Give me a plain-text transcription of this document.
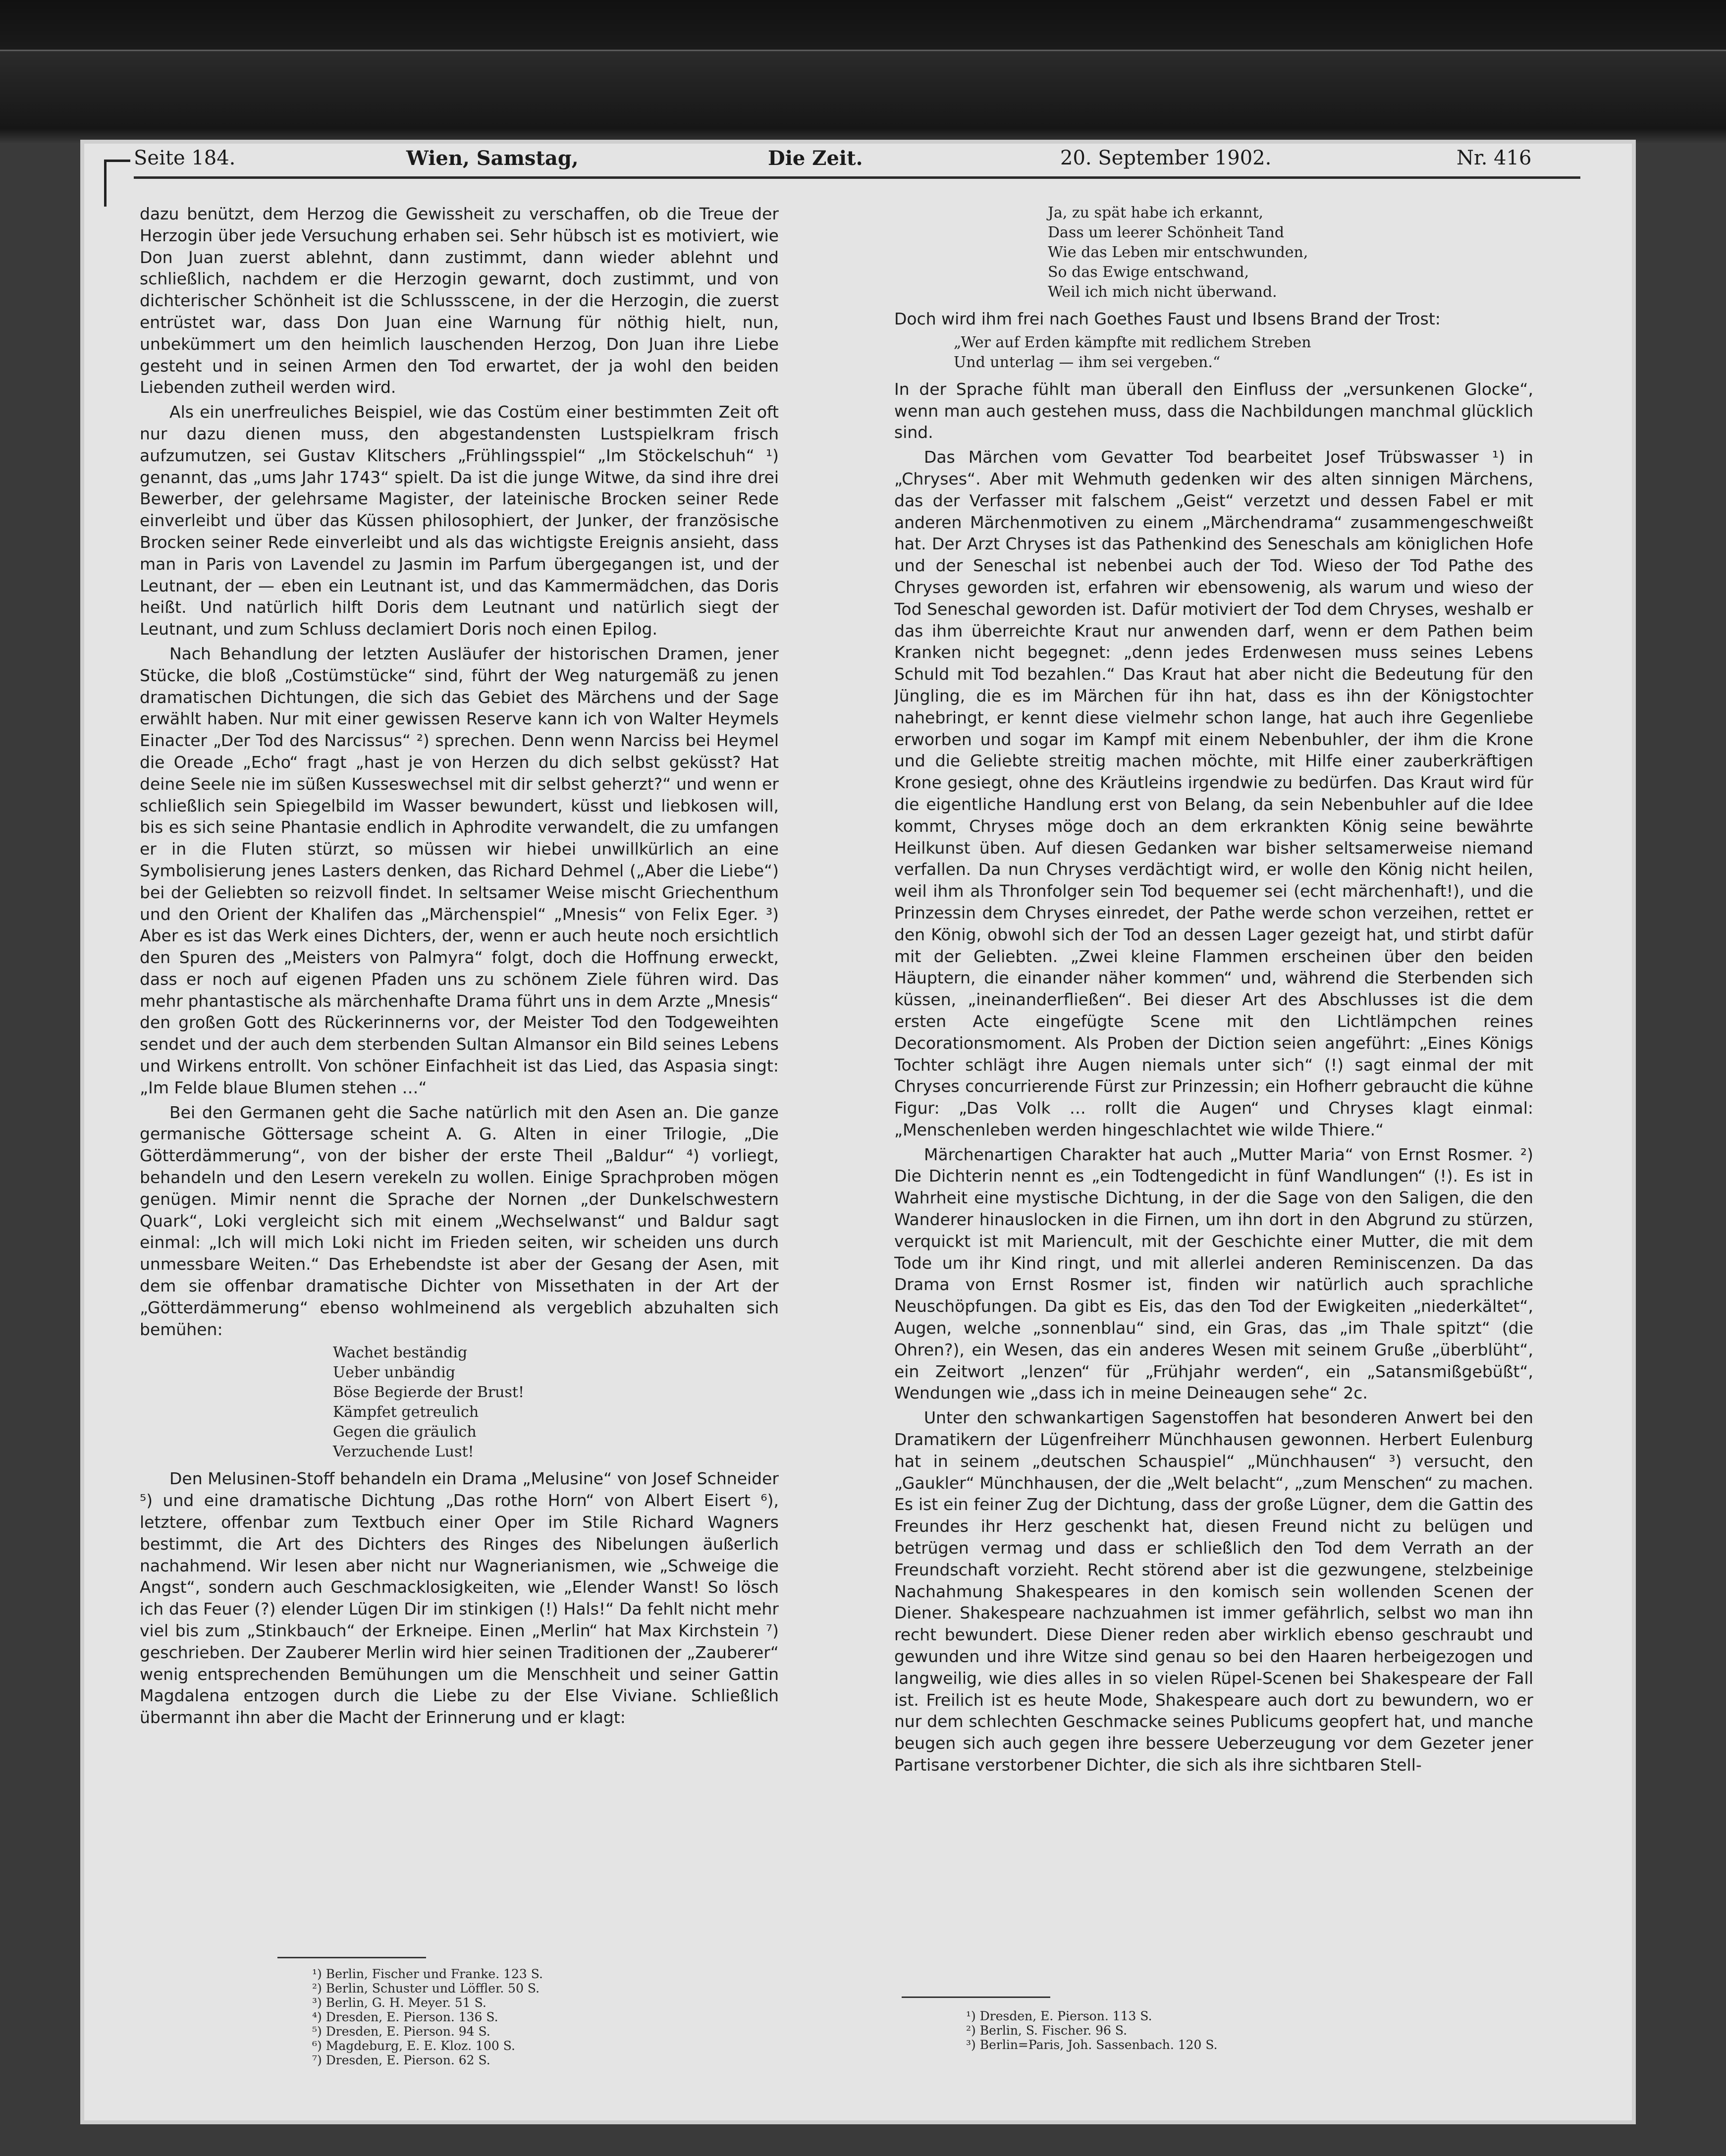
Seite 184.	Wien, Samstag,	Die Zeit.	20. September 1902.	Nr. 416

dazu benützt, dem Herzog die Gewissheit zu verschaffen, ob die Treue der Herzogin über jede Versuchung erhaben sei. Sehr hübsch ist es motiviert, wie Don Juan zuerst ablehnt, dann zustimmt, dann wieder ablehnt und schließlich, nachdem er die Herzogin gewarnt, doch zustimmt, und von dichterischer Schönheit ist die Schlussscene, in der die Herzogin, die zuerst entrüstet war, dass Don Juan eine Warnung für nöthig hielt, nun, unbekümmert um den heimlich lauschenden Herzog, Don Juan ihre Liebe gesteht und in seinen Armen den Tod erwartet, der ja wohl den beiden Liebenden zutheil werden wird.

Als ein unerfreuliches Beispiel, wie das Costüm einer bestimmten Zeit oft nur dazu dienen muss, den abgestandensten Lustspielkram frisch aufzumutzen, sei Gustav Klitschers „Frühlingsspiel“ „Im Stöckelschuh“ ¹) genannt, das „ums Jahr 1743“ spielt. Da ist die junge Witwe, da sind ihre drei Bewerber, der gelehrsame Magister, der lateinische Brocken seiner Rede einverleibt und über das Küssen philosophiert, der Junker, der französische Brocken seiner Rede einverleibt und als das wichtigste Ereignis ansieht, dass man in Paris von Lavendel zu Jasmin im Parfum übergegangen ist, und der Leutnant, der — eben ein Leutnant ist, und das Kammermädchen, das Doris heißt. Und natürlich hilft Doris dem Leutnant und natürlich siegt der Leutnant, und zum Schluss declamiert Doris noch einen Epilog.

Nach Behandlung der letzten Ausläufer der historischen Dramen, jener Stücke, die bloß „Costümstücke“ sind, führt der Weg naturgemäß zu jenen dramatischen Dichtungen, die sich das Gebiet des Märchens und der Sage erwählt haben. Nur mit einer gewissen Reserve kann ich von Walter Heymels Einacter „Der Tod des Narcissus“ ²) sprechen. Denn wenn Narciss bei Heymel die Oreade „Echo“ fragt „hast je von Herzen du dich selbst geküsst? Hat deine Seele nie im süßen Kusseswechsel mit dir selbst geherzt?“ und wenn er schließlich sein Spiegelbild im Wasser bewundert, küsst und liebkosen will, bis es sich seine Phantasie endlich in Aphrodite verwandelt, die zu umfangen er in die Fluten stürzt, so müssen wir hiebei unwillkürlich an eine Symbolisierung jenes Lasters denken, das Richard Dehmel („Aber die Liebe“) bei der Geliebten so reizvoll findet. In seltsamer Weise mischt Griechenthum und den Orient der Khalifen das „Märchenspiel“ „Mnesis“ von Felix Eger. ³) Aber es ist das Werk eines Dichters, der, wenn er auch heute noch ersichtlich den Spuren des „Meisters von Palmyra“ folgt, doch die Hoffnung erweckt, dass er noch auf eigenen Pfaden uns zu schönem Ziele führen wird. Das mehr phantastische als märchenhafte Drama führt uns in dem Arzte „Mnesis“ den großen Gott des Rückerinnerns vor, der Meister Tod den Todgeweihten sendet und der auch dem sterbenden Sultan Almansor ein Bild seines Lebens und Wirkens entrollt. Von schöner Einfachheit ist das Lied, das Aspasia singt: „Im Felde blaue Blumen stehen …“

Bei den Germanen geht die Sache natürlich mit den Asen an. Die ganze germanische Göttersage scheint A. G. Alten in einer Trilogie, „Die Götterdämmerung“, von der bisher der erste Theil „Baldur“ ⁴) vorliegt, behandeln und den Lesern verekeln zu wollen. Einige Sprachproben mögen genügen. Mimir nennt die Sprache der Nornen „der Dunkelschwestern Quark“, Loki vergleicht sich mit einem „Wechselwanst“ und Baldur sagt einmal: „Ich will mich Loki nicht im Frieden seiten, wir scheiden uns durch unmessbare Weiten.“ Das Erhebendste ist aber der Gesang der Asen, mit dem sie offenbar dramatische Dichter von Missethaten in der Art der „Götterdämmerung“ ebenso wohlmeinend als vergeblich abzuhalten sich bemühen:

Wachet beständig
Ueber unbändig
Böse Begierde der Brust!
Kämpfet getreulich
Gegen die gräulich
Verzuchende Lust!

Den Melusinen-Stoff behandeln ein Drama „Melusine“ von Josef Schneider ⁵) und eine dramatische Dichtung „Das rothe Horn“ von Albert Eisert ⁶), letztere, offenbar zum Textbuch einer Oper im Stile Richard Wagners bestimmt, die Art des Dichters des Ringes des Nibelungen äußerlich nachahmend. Wir lesen aber nicht nur Wagnerianismen, wie „Schweige die Angst“, sondern auch Geschmacklosigkeiten, wie „Elender Wanst! So lösch ich das Feuer (?) elender Lügen Dir im stinkigen (!) Hals!“ Da fehlt nicht mehr viel bis zum „Stinkbauch“ der Erkneipe. Einen „Merlin“ hat Max Kirchstein ⁷) geschrieben. Der Zauberer Merlin wird hier seinen Traditionen der „Zauberer“ wenig entsprechenden Bemühungen um die Menschheit und seiner Gattin Magdalena entzogen durch die Liebe zu der Else Viviane. Schließlich übermannt ihn aber die Macht der Erinnerung und er klagt:

¹) Berlin, Fischer und Franke. 123 S.
²) Berlin, Schuster und Löffler. 50 S.
³) Berlin, G. H. Meyer. 51 S.
⁴) Dresden, E. Pierson. 136 S.
⁵) Dresden, E. Pierson. 94 S.
⁶) Magdeburg, E. E. Kloz. 100 S.
⁷) Dresden, E. Pierson. 62 S.
Ja, zu spät habe ich erkannt,
Dass um leerer Schönheit Tand
Wie das Leben mir entschwunden,
So das Ewige entschwand,
Weil ich mich nicht überwand.

Doch wird ihm frei nach Goethes Faust und Ibsens Brand der Trost:

„Wer auf Erden kämpfte mit redlichem Streben
Und unterlag — ihm sei vergeben.“

In der Sprache fühlt man überall den Einfluss der „versunkenen Glocke“, wenn man auch gestehen muss, dass die Nachbildungen manchmal glücklich sind.

Das Märchen vom Gevatter Tod bearbeitet Josef Trübswasser ¹) in „Chryses“. Aber mit Wehmuth gedenken wir des alten sinnigen Märchens, das der Verfasser mit falschem „Geist“ verzetzt und dessen Fabel er mit anderen Märchenmotiven zu einem „Märchendrama“ zusammengeschweißt hat. Der Arzt Chryses ist das Pathenkind des Seneschals am königlichen Hofe und der Seneschal ist nebenbei auch der Tod. Wieso der Tod Pathe des Chryses geworden ist, erfahren wir ebensowenig, als warum und wieso der Tod Seneschal geworden ist. Dafür motiviert der Tod dem Chryses, weshalb er das ihm überreichte Kraut nur anwenden darf, wenn er dem Pathen beim Kranken nicht begegnet: „denn jedes Erdenwesen muss seines Lebens Schuld mit Tod bezahlen.“ Das Kraut hat aber nicht die Bedeutung für den Jüngling, die es im Märchen für ihn hat, dass es ihn der Königstochter nahebringt, er kennt diese vielmehr schon lange, hat auch ihre Gegenliebe erworben und sogar im Kampf mit einem Nebenbuhler, der ihm die Krone und die Geliebte streitig machen möchte, mit Hilfe einer zauberkräftigen Krone gesiegt, ohne des Kräutleins irgendwie zu bedürfen. Das Kraut wird für die eigentliche Handlung erst von Belang, da sein Nebenbuhler auf die Idee kommt, Chryses möge doch an dem erkrankten König seine bewährte Heilkunst üben. Auf diesen Gedanken war bisher seltsamerweise niemand verfallen. Da nun Chryses verdächtigt wird, er wolle den König nicht heilen, weil ihm als Thronfolger sein Tod bequemer sei (echt märchenhaft!), und die Prinzessin dem Chryses einredet, der Pathe werde schon verzeihen, rettet er den König, obwohl sich der Tod an dessen Lager gezeigt hat, und stirbt dafür mit der Geliebten. „Zwei kleine Flammen erscheinen über den beiden Häuptern, die einander näher kommen“ und, während die Sterbenden sich küssen, „ineinanderfließen“. Bei dieser Art des Abschlusses ist die dem ersten Acte eingefügte Scene mit den Lichtlämpchen reines Decorationsmoment. Als Proben der Diction seien angeführt: „Eines Königs Tochter schlägt ihre Augen niemals unter sich“ (!) sagt einmal der mit Chryses concurrierende Fürst zur Prinzessin; ein Hofherr gebraucht die kühne Figur: „Das Volk … rollt die Augen“ und Chryses klagt einmal: „Menschenleben werden hingeschlachtet wie wilde Thiere.“

Märchenartigen Charakter hat auch „Mutter Maria“ von Ernst Rosmer. ²) Die Dichterin nennt es „ein Todtengedicht in fünf Wandlungen“ (!). Es ist in Wahrheit eine mystische Dichtung, in der die Sage von den Saligen, die den Wanderer hinauslocken in die Firnen, um ihn dort in den Abgrund zu stürzen, verquickt ist mit Mariencult, mit der Geschichte einer Mutter, die mit dem Tode um ihr Kind ringt, und mit allerlei anderen Reminiscenzen. Da das Drama von Ernst Rosmer ist, finden wir natürlich auch sprachliche Neuschöpfungen. Da gibt es Eis, das den Tod der Ewigkeiten „niederkältet“, Augen, welche „sonnenblau“ sind, ein Gras, das „im Thale spitzt“ (die Ohren?), ein Wesen, das ein anderes Wesen mit seinem Gruße „überblüht“, ein Zeitwort „lenzen“ für „Frühjahr werden“, ein „Satansmißgebüßt“, Wendungen wie „dass ich in meine Deineaugen sehe“ 2c.

Unter den schwankartigen Sagenstoffen hat besonderen Anwert bei den Dramatikern der Lügenfreiherr Münchhausen gewonnen. Herbert Eulenburg hat in seinem „deutschen Schauspiel“ „Münchhausen“ ³) versucht, den „Gaukler“ Münchhausen, der die „Welt belacht“, „zum Menschen“ zu machen. Es ist ein feiner Zug der Dichtung, dass der große Lügner, dem die Gattin des Freundes ihr Herz geschenkt hat, diesen Freund nicht zu belügen und betrügen vermag und dass er schließlich den Tod dem Verrath an der Freundschaft vorzieht. Recht störend aber ist die gezwungene, stelzbeinige Nachahmung Shakespeares in den komisch sein wollenden Scenen der Diener. Shakespeare nachzuahmen ist immer gefährlich, selbst wo man ihn recht bewundert. Diese Diener reden aber wirklich ebenso geschraubt und gewunden und ihre Witze sind genau so bei den Haaren herbeigezogen und langweilig, wie dies alles in so vielen Rüpel-Scenen bei Shakespeare der Fall ist. Freilich ist es heute Mode, Shakespeare auch dort zu bewundern, wo er nur dem schlechten Geschmacke seines Publicums geopfert hat, und manche beugen sich auch gegen ihre bessere Ueberzeugung vor dem Gezeter jener Partisane verstorbener Dichter, die sich als ihre sichtbaren Stell-

¹) Dresden, E. Pierson. 113 S.
²) Berlin, S. Fischer. 96 S.
³) Berlin=Paris, Joh. Sassenbach. 120 S.
